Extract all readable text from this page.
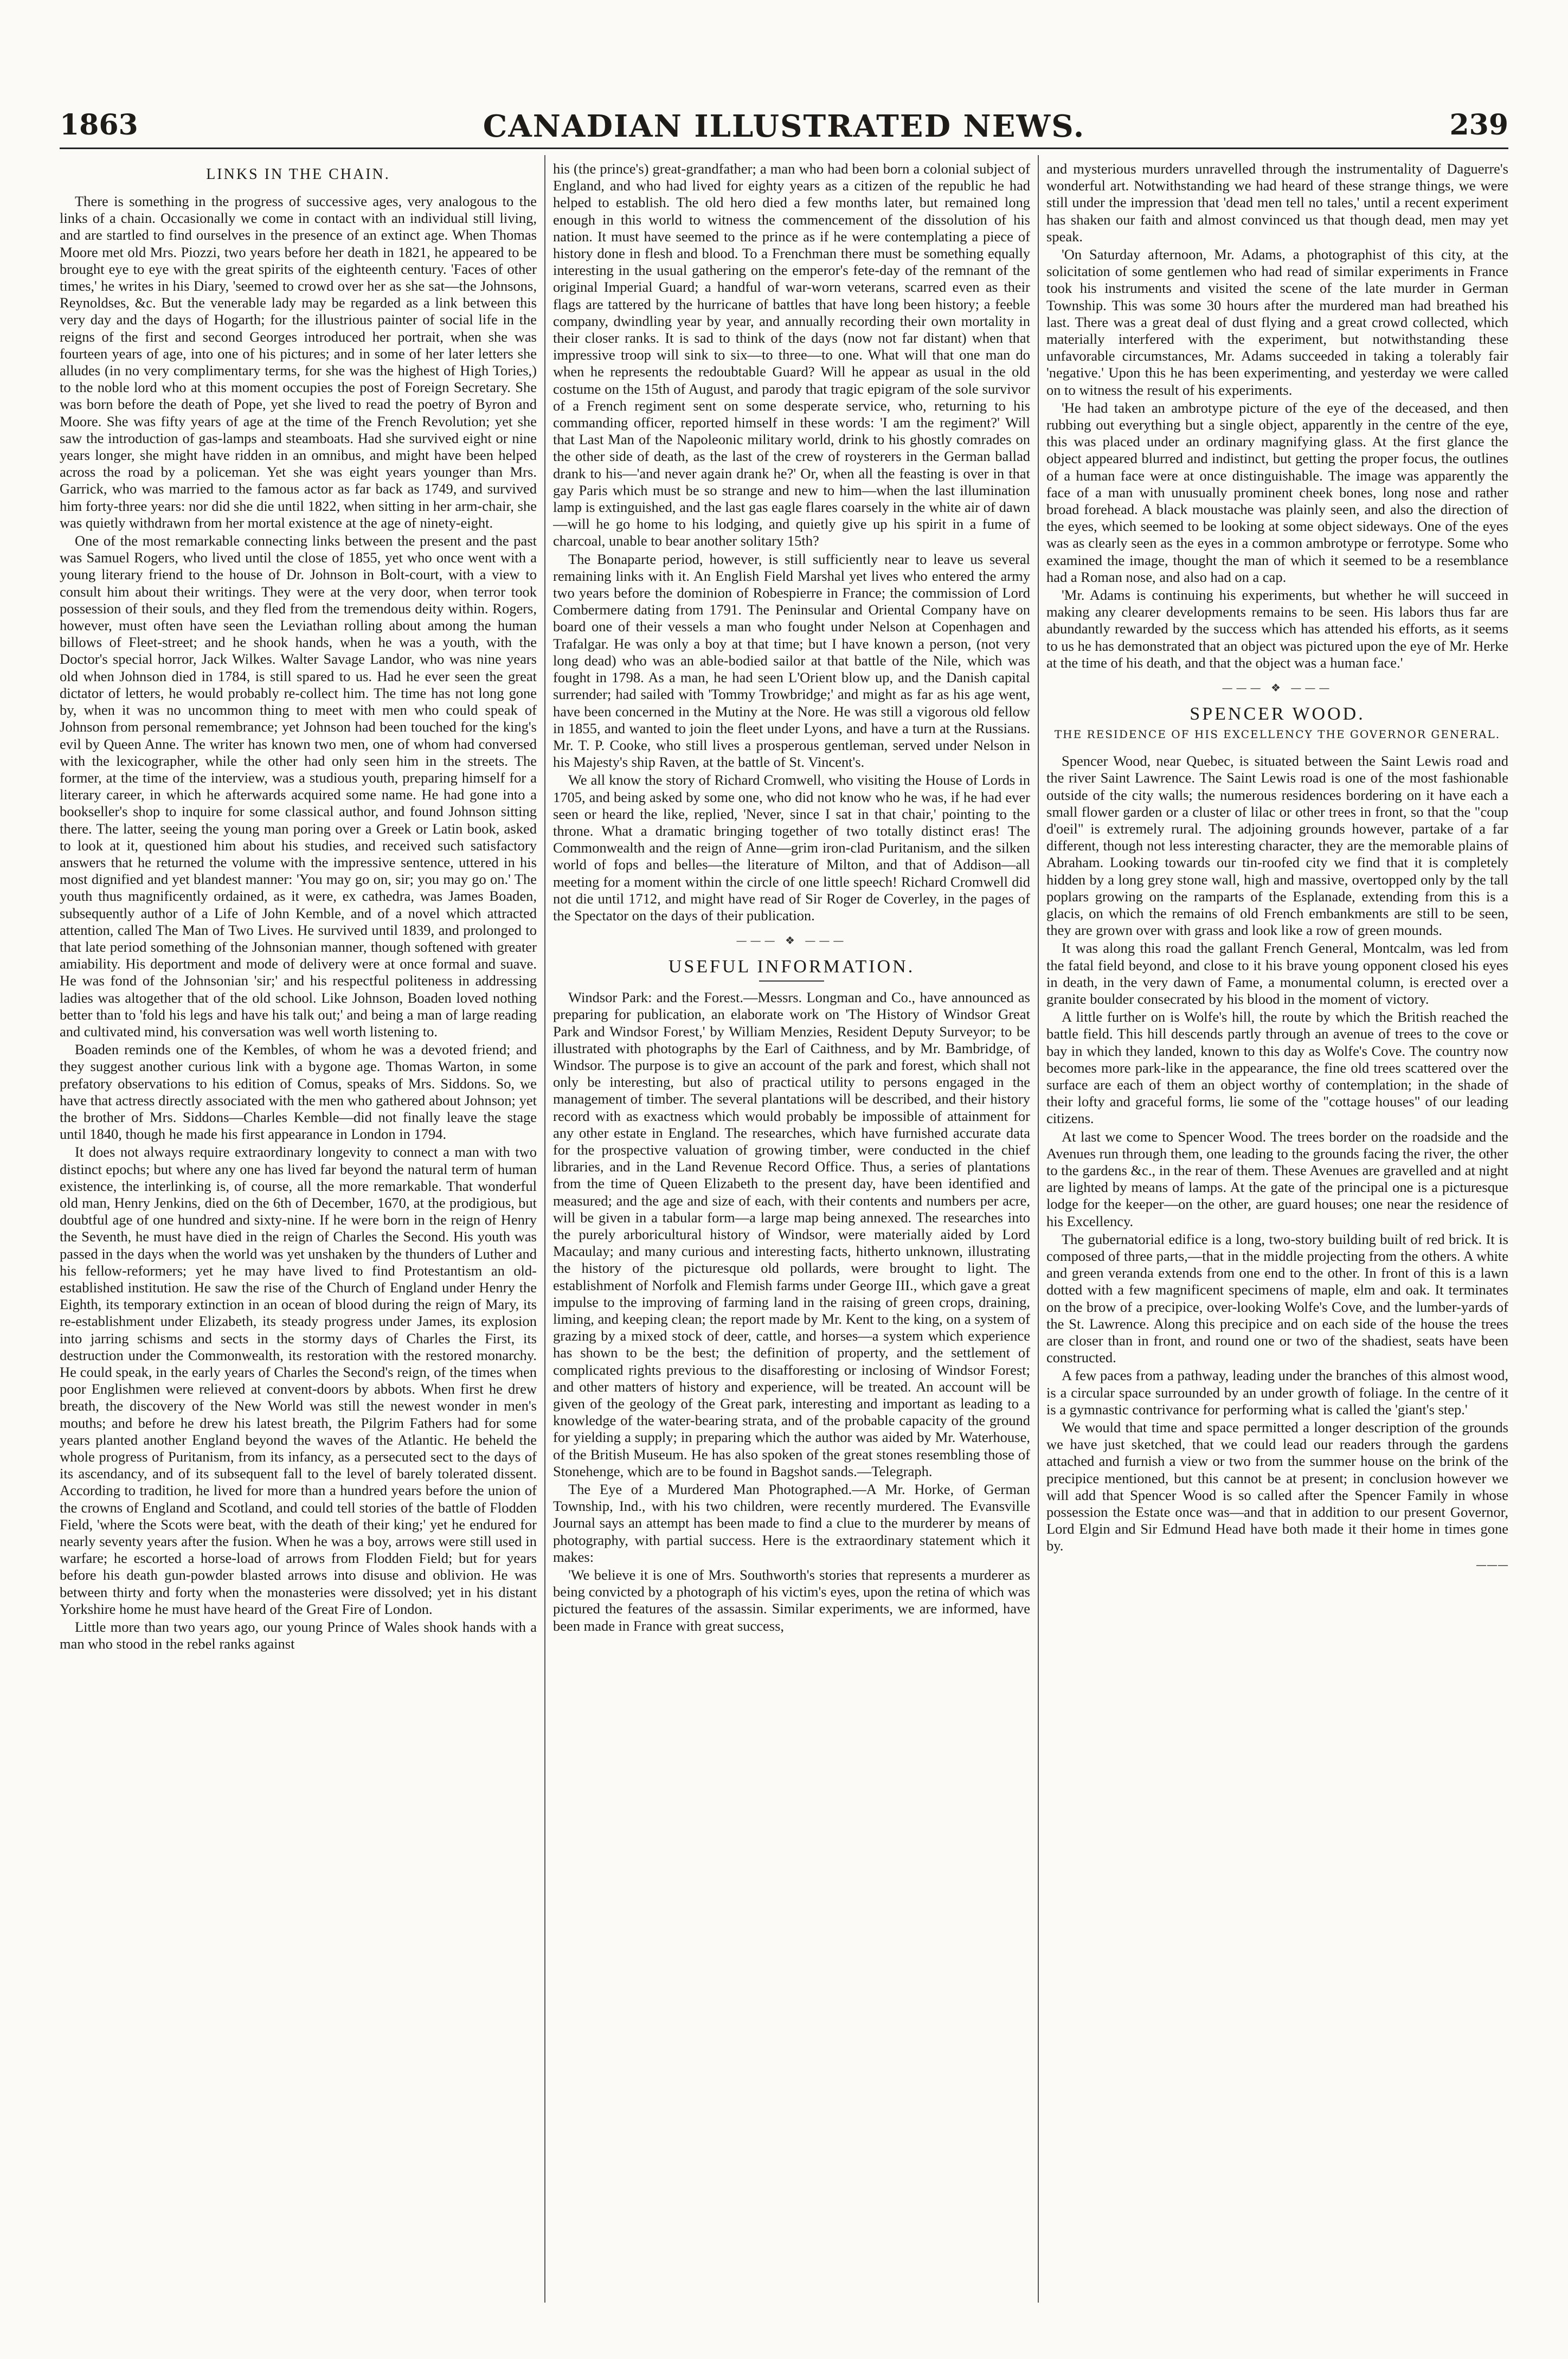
1863	CANADIAN ILLUSTRATED NEWS.	239
LINKS IN THE CHAIN.

There is something in the progress of successive ages, very analogous to the links of a chain. Occasionally we come in contact with an individual still living, and are startled to find ourselves in the presence of an extinct age. When Thomas Moore met old Mrs. Piozzi, two years before her death in 1821, he appeared to be brought eye to eye with the great spirits of the eighteenth century. 'Faces of other times,' he writes in his Diary, 'seemed to crowd over her as she sat—the Johnsons, Reynoldses, &c. But the venerable lady may be regarded as a link between this very day and the days of Hogarth; for the illustrious painter of social life in the reigns of the first and second Georges introduced her portrait, when she was fourteen years of age, into one of his pictures; and in some of her later letters she alludes (in no very complimentary terms, for she was the highest of High Tories,) to the noble lord who at this moment occupies the post of Foreign Secretary. She was born before the death of Pope, yet she lived to read the poetry of Byron and Moore. She was fifty years of age at the time of the French Revolution; yet she saw the introduction of gas-lamps and steamboats. Had she survived eight or nine years longer, she might have ridden in an omnibus, and might have been helped across the road by a policeman. Yet she was eight years younger than Mrs. Garrick, who was married to the famous actor as far back as 1749, and survived him forty-three years: nor did she die until 1822, when sitting in her arm-chair, she was quietly withdrawn from her mortal existence at the age of ninety-eight.

One of the most remarkable connecting links between the present and the past was Samuel Rogers, who lived until the close of 1855, yet who once went with a young literary friend to the house of Dr. Johnson in Bolt-court, with a view to consult him about their writings. They were at the very door, when terror took possession of their souls, and they fled from the tremendous deity within. Rogers, however, must often have seen the Leviathan rolling about among the human billows of Fleet-street; and he shook hands, when he was a youth, with the Doctor's special horror, Jack Wilkes. Walter Savage Landor, who was nine years old when Johnson died in 1784, is still spared to us. Had he ever seen the great dictator of letters, he would probably re-collect him. The time has not long gone by, when it was no uncommon thing to meet with men who could speak of Johnson from personal remembrance; yet Johnson had been touched for the king's evil by Queen Anne. The writer has known two men, one of whom had conversed with the lexicographer, while the other had only seen him in the streets. The former, at the time of the interview, was a studious youth, preparing himself for a literary career, in which he afterwards acquired some name. He had gone into a bookseller's shop to inquire for some classical author, and found Johnson sitting there. The latter, seeing the young man poring over a Greek or Latin book, asked to look at it, questioned him about his studies, and received such satisfactory answers that he returned the volume with the impressive sentence, uttered in his most dignified and yet blandest manner: 'You may go on, sir; you may go on.' The youth thus magnificently ordained, as it were, ex cathedra, was James Boaden, subsequently author of a Life of John Kemble, and of a novel which attracted attention, called The Man of Two Lives. He survived until 1839, and prolonged to that late period something of the Johnsonian manner, though softened with greater amiability. His deportment and mode of delivery were at once formal and suave. He was fond of the Johnsonian 'sir;' and his respectful politeness in addressing ladies was altogether that of the old school. Like Johnson, Boaden loved nothing better than to 'fold his legs and have his talk out;' and being a man of large reading and cultivated mind, his conversation was well worth listening to.

Boaden reminds one of the Kembles, of whom he was a devoted friend; and they suggest another curious link with a bygone age. Thomas Warton, in some prefatory observations to his edition of Comus, speaks of Mrs. Siddons. So, we have that actress directly associated with the men who gathered about Johnson; yet the brother of Mrs. Siddons—Charles Kemble—did not finally leave the stage until 1840, though he made his first appearance in London in 1794.

It does not always require extraordinary longevity to connect a man with two distinct epochs; but where any one has lived far beyond the natural term of human existence, the interlinking is, of course, all the more remarkable. That wonderful old man, Henry Jenkins, died on the 6th of December, 1670, at the prodigious, but doubtful age of one hundred and sixty-nine. If he were born in the reign of Henry the Seventh, he must have died in the reign of Charles the Second. His youth was passed in the days when the world was yet unshaken by the thunders of Luther and his fellow-reformers; yet he may have lived to find Protestantism an old-established institution. He saw the rise of the Church of England under Henry the Eighth, its temporary extinction in an ocean of blood during the reign of Mary, its re-establishment under Elizabeth, its steady progress under James, its explosion into jarring schisms and sects in the stormy days of Charles the First, its destruction under the Commonwealth, its restoration with the restored monarchy. He could speak, in the early years of Charles the Second's reign, of the times when poor Englishmen were relieved at convent-doors by abbots. When first he drew breath, the discovery of the New World was still the newest wonder in men's mouths; and before he drew his latest breath, the Pilgrim Fathers had for some years planted another England beyond the waves of the Atlantic. He beheld the whole progress of Puritanism, from its infancy, as a persecuted sect to the days of its ascendancy, and of its subsequent fall to the level of barely tolerated dissent. According to tradition, he lived for more than a hundred years before the union of the crowns of England and Scotland, and could tell stories of the battle of Flodden Field, 'where the Scots were beat, with the death of their king;' yet he endured for nearly seventy years after the fusion. When he was a boy, arrows were still used in warfare; he escorted a horse-load of arrows from Flodden Field; but for years before his death gun-powder blasted arrows into disuse and oblivion. He was between thirty and forty when the monasteries were dissolved; yet in his distant Yorkshire home he must have heard of the Great Fire of London.

Little more than two years ago, our young Prince of Wales shook hands with a man who stood in the rebel ranks against

his (the prince's) great-grandfather; a man who had been born a colonial subject of England, and who had lived for eighty years as a citizen of the republic he had helped to establish. The old hero died a few months later, but remained long enough in this world to witness the commencement of the dissolution of his nation. It must have seemed to the prince as if he were contemplating a piece of history done in flesh and blood. To a Frenchman there must be something equally interesting in the usual gathering on the emperor's fete-day of the remnant of the original Imperial Guard; a handful of war-worn veterans, scarred even as their flags are tattered by the hurricane of battles that have long been history; a feeble company, dwindling year by year, and annually recording their own mortality in their closer ranks. It is sad to think of the days (now not far distant) when that impressive troop will sink to six—to three—to one. What will that one man do when he represents the redoubtable Guard? Will he appear as usual in the old costume on the 15th of August, and parody that tragic epigram of the sole survivor of a French regiment sent on some desperate service, who, returning to his commanding officer, reported himself in these words: 'I am the regiment?' Will that Last Man of the Napoleonic military world, drink to his ghostly comrades on the other side of death, as the last of the crew of roysterers in the German ballad drank to his—'and never again drank he?' Or, when all the feasting is over in that gay Paris which must be so strange and new to him—when the last illumination lamp is extinguished, and the last gas eagle flares coarsely in the white air of dawn—will he go home to his lodging, and quietly give up his spirit in a fume of charcoal, unable to bear another solitary 15th?

The Bonaparte period, however, is still sufficiently near to leave us several remaining links with it. An English Field Marshal yet lives who entered the army two years before the dominion of Robespierre in France; the commission of Lord Combermere dating from 1791. The Peninsular and Oriental Company have on board one of their vessels a man who fought under Nelson at Copenhagen and Trafalgar. He was only a boy at that time; but I have known a person, (not very long dead) who was an able-bodied sailor at that battle of the Nile, which was fought in 1798. As a man, he had seen L'Orient blow up, and the Danish capital surrender; had sailed with 'Tommy Trowbridge;' and might as far as his age went, have been concerned in the Mutiny at the Nore. He was still a vigorous old fellow in 1855, and wanted to join the fleet under Lyons, and have a turn at the Russians. Mr. T. P. Cooke, who still lives a prosperous gentleman, served under Nelson in his Majesty's ship Raven, at the battle of St. Vincent's.

We all know the story of Richard Cromwell, who visiting the House of Lords in 1705, and being asked by some one, who did not know who he was, if he had ever seen or heard the like, replied, 'Never, since I sat in that chair,' pointing to the throne. What a dramatic bringing together of two totally distinct eras! The Commonwealth and the reign of Anne—grim iron-clad Puritanism, and the silken world of fops and belles—the literature of Milton, and that of Addison—all meeting for a moment within the circle of one little speech! Richard Cromwell did not die until 1712, and might have read of Sir Roger de Coverley, in the pages of the Spectator on the days of their publication.

——— ❖ ———
USEFUL INFORMATION.

Windsor Park: and the Forest.—Messrs. Longman and Co., have announced as preparing for publication, an elaborate work on 'The History of Windsor Great Park and Windsor Forest,' by William Menzies, Resident Deputy Surveyor; to be illustrated with photographs by the Earl of Caithness, and by Mr. Bambridge, of Windsor. The purpose is to give an account of the park and forest, which shall not only be interesting, but also of practical utility to persons engaged in the management of timber. The several plantations will be described, and their history record with as exactness which would probably be impossible of attainment for any other estate in England. The researches, which have furnished accurate data for the prospective valuation of growing timber, were conducted in the chief libraries, and in the Land Revenue Record Office. Thus, a series of plantations from the time of Queen Elizabeth to the present day, have been identified and measured; and the age and size of each, with their contents and numbers per acre, will be given in a tabular form—a large map being annexed. The researches into the purely arboricultural history of Windsor, were materially aided by Lord Macaulay; and many curious and interesting facts, hitherto unknown, illustrating the history of the picturesque old pollards, were brought to light. The establishment of Norfolk and Flemish farms under George III., which gave a great impulse to the improving of farming land in the raising of green crops, draining, liming, and keeping clean; the report made by Mr. Kent to the king, on a system of grazing by a mixed stock of deer, cattle, and horses—a system which experience has shown to be the best; the definition of property, and the settlement of complicated rights previous to the disafforesting or inclosing of Windsor Forest; and other matters of history and experience, will be treated. An account will be given of the geology of the Great park, interesting and important as leading to a knowledge of the water-bearing strata, and of the probable capacity of the ground for yielding a supply; in preparing which the author was aided by Mr. Waterhouse, of the British Museum. He has also spoken of the great stones resembling those of Stonehenge, which are to be found in Bagshot sands.—Telegraph.

The Eye of a Murdered Man Photographed.—A Mr. Horke, of German Township, Ind., with his two children, were recently murdered. The Evansville Journal says an attempt has been made to find a clue to the murderer by means of photography, with partial success. Here is the extraordinary statement which it makes:

'We believe it is one of Mrs. Southworth's stories that represents a murderer as being convicted by a photograph of his victim's eyes, upon the retina of which was pictured the features of the assassin. Similar experiments, we are informed, have been made in France with great success,

and mysterious murders unravelled through the instrumentality of Daguerre's wonderful art. Notwithstanding we had heard of these strange things, we were still under the impression that 'dead men tell no tales,' until a recent experiment has shaken our faith and almost convinced us that though dead, men may yet speak.

'On Saturday afternoon, Mr. Adams, a photographist of this city, at the solicitation of some gentlemen who had read of similar experiments in France took his instruments and visited the scene of the late murder in German Township. This was some 30 hours after the murdered man had breathed his last. There was a great deal of dust flying and a great crowd collected, which materially interfered with the experiment, but notwithstanding these unfavorable circumstances, Mr. Adams succeeded in taking a tolerably fair 'negative.' Upon this he has been experimenting, and yesterday we were called on to witness the result of his experiments.

'He had taken an ambrotype picture of the eye of the deceased, and then rubbing out everything but a single object, apparently in the centre of the eye, this was placed under an ordinary magnifying glass. At the first glance the object appeared blurred and indistinct, but getting the proper focus, the outlines of a human face were at once distinguishable. The image was apparently the face of a man with unusually prominent cheek bones, long nose and rather broad forehead. A black moustache was plainly seen, and also the direction of the eyes, which seemed to be looking at some object sideways. One of the eyes was as clearly seen as the eyes in a common ambrotype or ferrotype. Some who examined the image, thought the man of which it seemed to be a resemblance had a Roman nose, and also had on a cap.

'Mr. Adams is continuing his experiments, but whether he will succeed in making any clearer developments remains to be seen. His labors thus far are abundantly rewarded by the success which has attended his efforts, as it seems to us he has demonstrated that an object was pictured upon the eye of Mr. Herke at the time of his death, and that the object was a human face.'

——— ❖ ———
SPENCER WOOD.
THE RESIDENCE OF HIS EXCELLENCY THE GOVERNOR GENERAL.

Spencer Wood, near Quebec, is situated between the Saint Lewis road and the river Saint Lawrence. The Saint Lewis road is one of the most fashionable outside of the city walls; the numerous residences bordering on it have each a small flower garden or a cluster of lilac or other trees in front, so that the "coup d'oeil" is extremely rural. The adjoining grounds however, partake of a far different, though not less interesting character, they are the memorable plains of Abraham. Looking towards our tin-roofed city we find that it is completely hidden by a long grey stone wall, high and massive, overtopped only by the tall poplars growing on the ramparts of the Esplanade, extending from this is a glacis, on which the remains of old French embankments are still to be seen, they are grown over with grass and look like a row of green mounds.

It was along this road the gallant French General, Montcalm, was led from the fatal field beyond, and close to it his brave young opponent closed his eyes in death, in the very dawn of Fame, a monumental column, is erected over a granite boulder consecrated by his blood in the moment of victory.

A little further on is Wolfe's hill, the route by which the British reached the battle field. This hill descends partly through an avenue of trees to the cove or bay in which they landed, known to this day as Wolfe's Cove. The country now becomes more park-like in the appearance, the fine old trees scattered over the surface are each of them an object worthy of contemplation; in the shade of their lofty and graceful forms, lie some of the "cottage houses" of our leading citizens.

At last we come to Spencer Wood. The trees border on the roadside and the Avenues run through them, one leading to the grounds facing the river, the other to the gardens &c., in the rear of them. These Avenues are gravelled and at night are lighted by means of lamps. At the gate of the principal one is a picturesque lodge for the keeper—on the other, are guard houses; one near the residence of his Excellency.

The gubernatorial edifice is a long, two-story building built of red brick. It is composed of three parts,—that in the middle projecting from the others. A white and green veranda extends from one end to the other. In front of this is a lawn dotted with a few magnificent specimens of maple, elm and oak. It terminates on the brow of a precipice, over-looking Wolfe's Cove, and the lumber-yards of the St. Lawrence. Along this precipice and on each side of the house the trees are closer than in front, and round one or two of the shadiest, seats have been constructed.

A few paces from a pathway, leading under the branches of this almost wood, is a circular space surrounded by an under growth of foliage. In the centre of it is a gymnastic contrivance for performing what is called the 'giant's step.'

We would that time and space permitted a longer description of the grounds we have just sketched, that we could lead our readers through the gardens attached and furnish a view or two from the summer house on the brink of the precipice mentioned, but this cannot be at present; in conclusion however we will add that Spencer Wood is so called after the Spencer Family in whose possession the Estate once was—and that in addition to our present Governor, Lord Elgin and Sir Edmund Head have both made it their home in times gone by.

———
